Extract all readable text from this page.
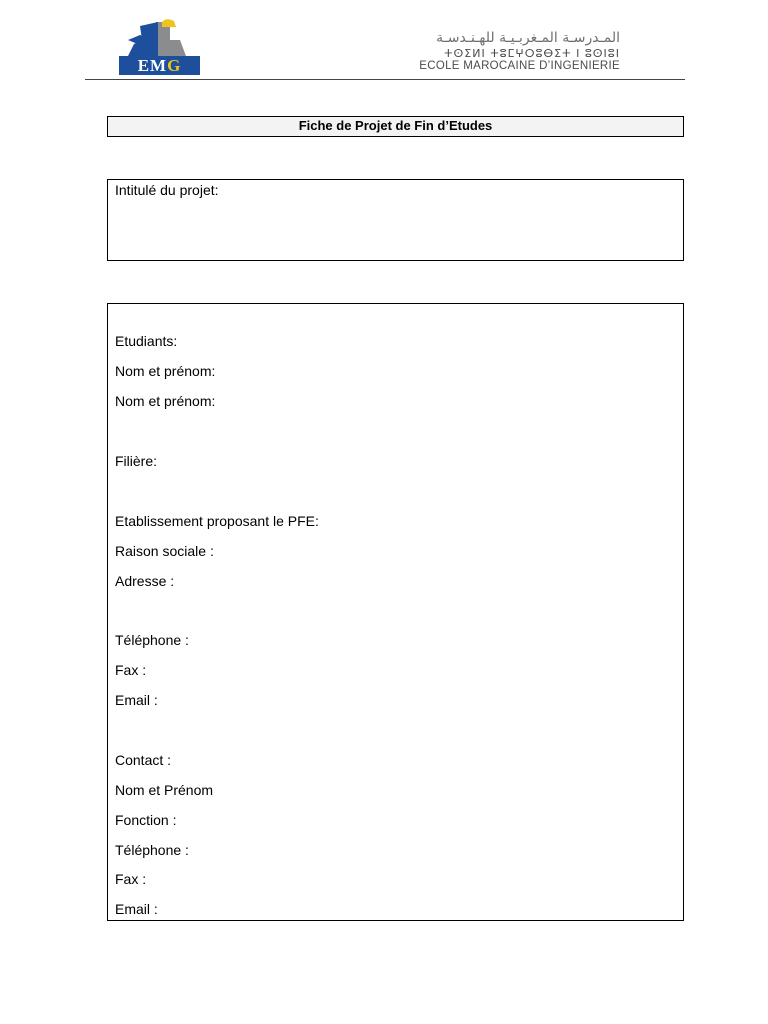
EMG
المـدرسـة المـغربـيـة للهـنـدسـة
ⵜⵙⵉⵍⵏ ⵜⵓⵎⵖⵔⵓⴱⵉⵜ ⵏ ⵓⵙⵏⵓⵏ
ECOLE MAROCAINE D’INGENIERIE
Fiche de Projet de Fin d’Etudes
Intitulé du projet:
Etudiants:
Nom et prénom:
Nom et prénom:
Filière:
Etablissement proposant le PFE:
Raison sociale :
Adresse :
Téléphone :
Fax :
Email :
Contact :
Nom et Prénom
Fonction :
Téléphone :
Fax :
Email :
